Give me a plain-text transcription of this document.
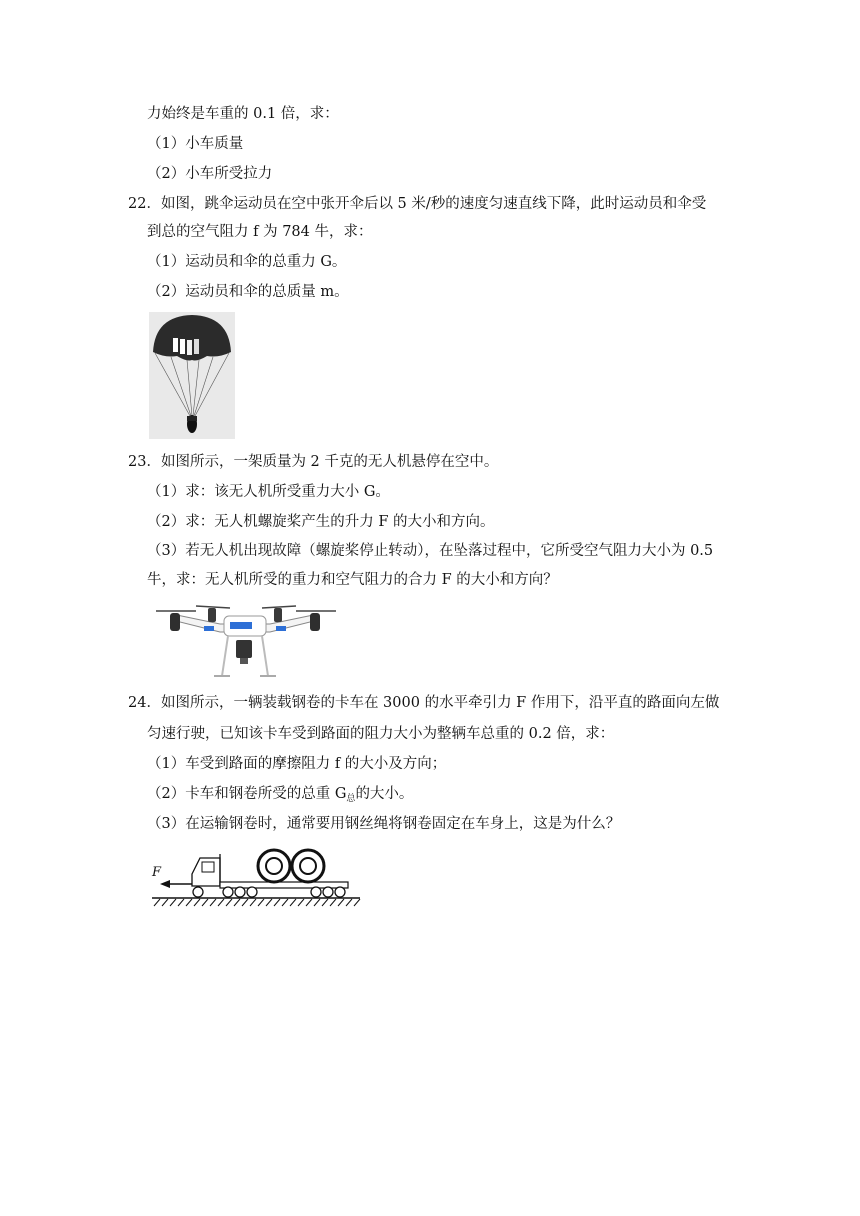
力始终是车重的 0.1 倍，求：
（1）小车质量
（2）小车所受拉力
22．如图，跳伞运动员在空中张开伞后以 5 米/秒的速度匀速直线下降，此时运动员和伞受
到总的空气阻力 f 为 784 牛，求：
（1）运动员和伞的总重力 G。
（2）运动员和伞的总质量 m。
23．如图所示，一架质量为 2 千克的无人机悬停在空中。
（1）求：该无人机所受重力大小 G。
（2）求：无人机螺旋桨产生的升力 F 的大小和方向。
（3）若无人机出现故障（螺旋桨停止转动），在坠落过程中，它所受空气阻力大小为 0.5
牛，求：无人机所受的重力和空气阻力的合力 F 的大小和方向？
24．如图所示，一辆装载钢卷的卡车在 3000 的水平牵引力 F 作用下，沿平直的路面向左做
匀速行驶，已知该卡车受到路面的阻力大小为整辆车总重的 0.2 倍，求：
（1）车受到路面的摩擦阻力 f 的大小及方向；
（2）卡车和钢卷所受的总重 $G_总$的大小。
（3）在运输钢卷时，通常要用钢丝绳将钢卷固定在车身上，这是为什么？
F
